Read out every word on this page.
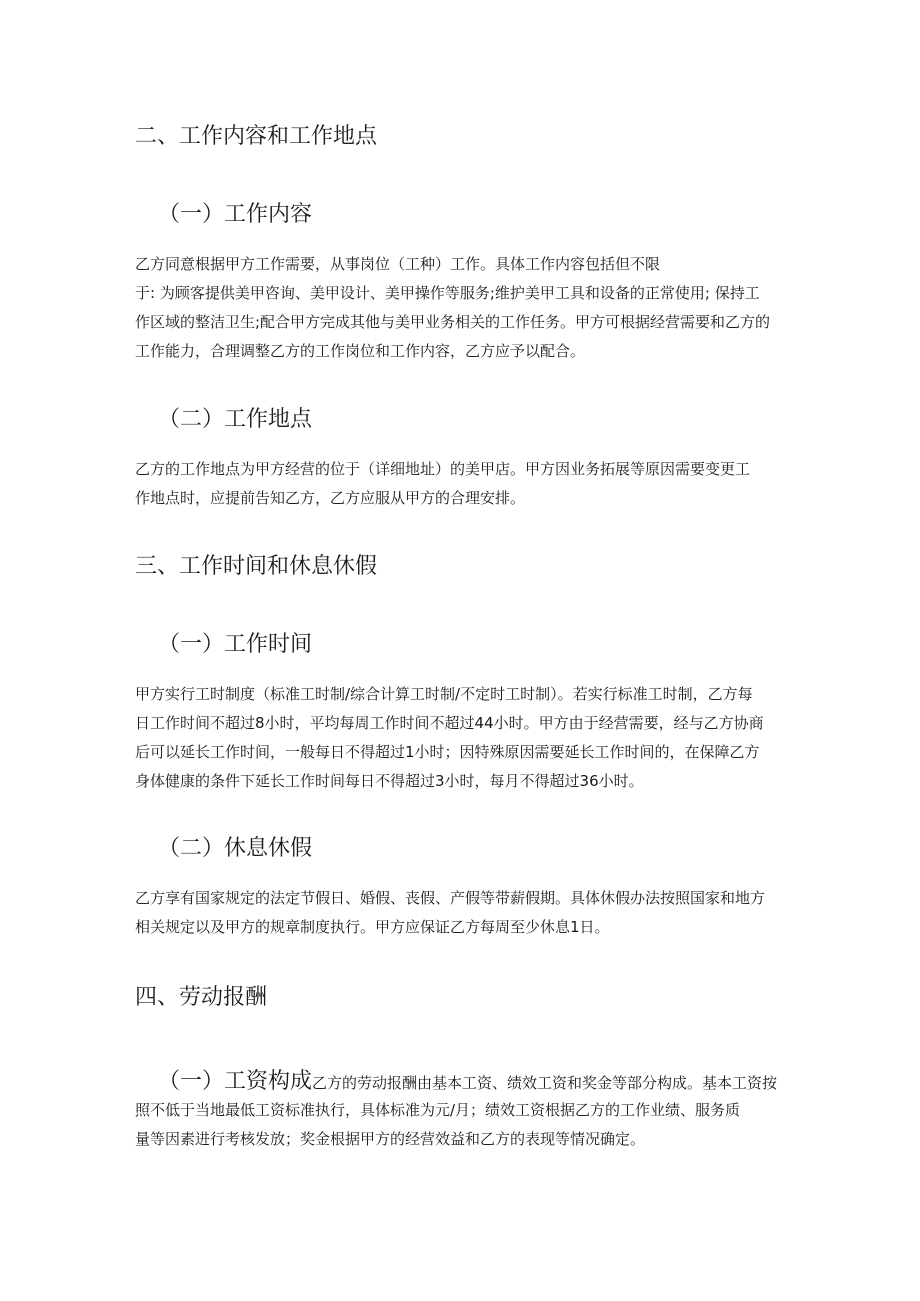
二、工作内容和工作地点
（一）工作内容
乙方同意根据甲方工作需要，从事岗位（工种）工作。具体工作内容包括但不限
于: 为顾客提供美甲咨询、美甲设计、美甲操作等服务;维护美甲工具和设备的正常使用; 保持工
作区域的整洁卫生;配合甲方完成其他与美甲业务相关的工作任务。甲方可根据经营需要和乙方的
工作能力，合理调整乙方的工作岗位和工作内容，乙方应予以配合。
（二）工作地点
乙方的工作地点为甲方经营的位于（详细地址）的美甲店。甲方因业务拓展等原因需要变更工
作地点时，应提前告知乙方，乙方应服从甲方的合理安排。
三、工作时间和休息休假
（一）工作时间
甲方实行工时制度（标准工时制/综合计算工时制/不定时工时制）。若实行标准工时制，乙方每
日工作时间不超过8小时，平均每周工作时间不超过44小时。甲方由于经营需要，经与乙方协商
后可以延长工作时间，一般每日不得超过1小时；因特殊原因需要延长工作时间的，在保障乙方
身体健康的条件下延长工作时间每日不得超过3小时，每月不得超过36小时。
（二）休息休假
乙方享有国家规定的法定节假日、婚假、丧假、产假等带薪假期。具体休假办法按照国家和地方
相关规定以及甲方的规章制度执行。甲方应保证乙方每周至少休息1日。
四、劳动报酬
（一）工资构成乙方的劳动报酬由基本工资、绩效工资和奖金等部分构成。基本工资按
照不低于当地最低工资标准执行，具体标准为元/月；绩效工资根据乙方的工作业绩、服务质
量等因素进行考核发放；奖金根据甲方的经营效益和乙方的表现等情况确定。
